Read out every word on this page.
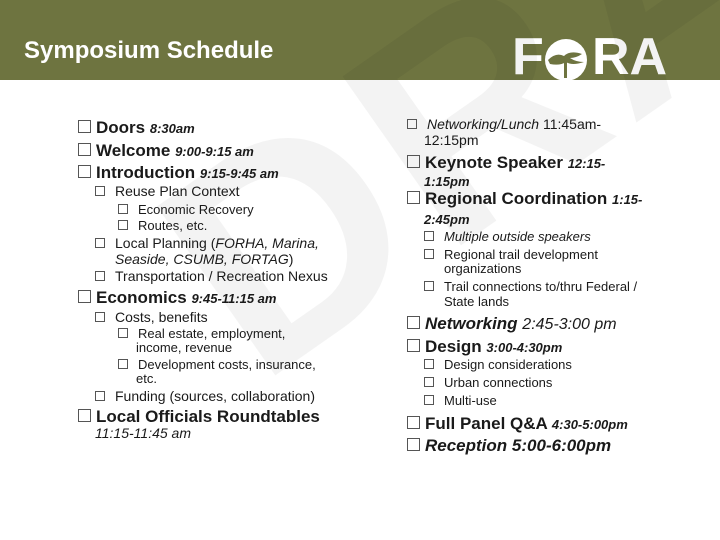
Symposium Schedule	F RA
Doors 8:30am
Welcome 9:00-9:15 am
Introduction 9:15-9:45 am
Reuse Plan Context
Economic Recovery
Routes, etc.
Local Planning (FORHA, Marina,
Seaside, CSUMB, FORTAG)
Transportation / Recreation Nexus
Economics 9:45-11:15 am
Costs, benefits
Real estate, employment,
income, revenue
Development costs, insurance,
etc.
Funding (sources, collaboration)
Local Officials Roundtables
11:15-11:45 am
Networking/Lunch 11:45am-
12:15pm
Keynote Speaker 12:15-
1:15pm
Regional Coordination 1:15-
2:45pm
Multiple outside speakers
Regional trail development
organizations
Trail connections to/thru Federal /
State lands
Networking 2:45-3:00 pm
Design 3:00-4:30pm
Design considerations
Urban connections
Multi-use
Full Panel Q&A 4:30-5:00pm
Reception 5:00-6:00pm
